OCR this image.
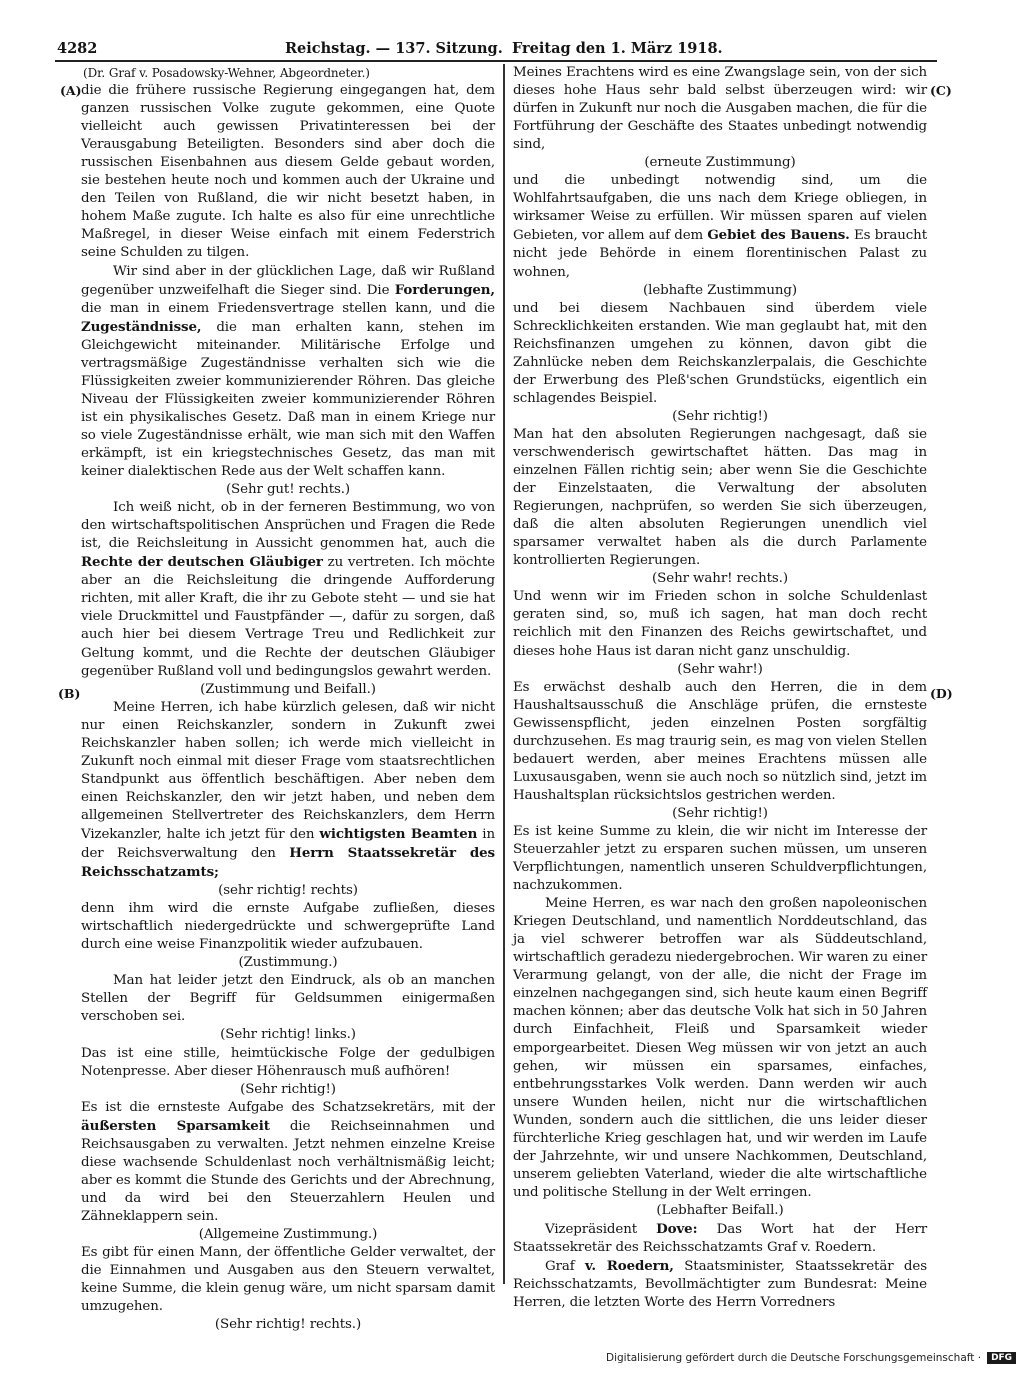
4282	Reichstag. — 137. Sitzung. Freitag den 1. März 1918.
(A)
(B)
(C)
(D)

(Dr. Graf v. Posadowsky-Wehner, Abgeordneter.)

die die frühere russische Regierung eingegangen hat, dem ganzen russischen Volke zugute gekommen, eine Quote vielleicht auch gewissen Privatinteressen bei der Verausgabung Beteiligten. Besonders sind aber doch die russischen Eisenbahnen aus diesem Gelde gebaut worden, sie bestehen heute noch und kommen auch der Ukraine und den Teilen von Rußland, die wir nicht besetzt haben, in hohem Maße zugute. Ich halte es also für eine unrechtliche Maßregel, in dieser Weise einfach mit einem Federstrich seine Schulden zu tilgen.

Wir sind aber in der glücklichen Lage, daß wir Rußland gegenüber unzweifelhaft die Sieger sind. Die Forderungen, die man in einem Friedensvertrage stellen kann, und die Zugeständnisse, die man erhalten kann, stehen im Gleichgewicht miteinander. Militärische Erfolge und vertragsmäßige Zugeständnisse verhalten sich wie die Flüssigkeiten zweier kommunizierender Röhren. Das gleiche Niveau der Flüssigkeiten zweier kommunizierender Röhren ist ein physikalisches Gesetz. Daß man in einem Kriege nur so viele Zugeständnisse erhält, wie man sich mit den Waffen erkämpft, ist ein kriegstechnisches Gesetz, das man mit keiner dialektischen Rede aus der Welt schaffen kann.

(Sehr gut! rechts.)

Ich weiß nicht, ob in der ferneren Bestimmung, wo von den wirtschaftspolitischen Ansprüchen und Fragen die Rede ist, die Reichsleitung in Aussicht genommen hat, auch die Rechte der deutschen Gläubiger zu vertreten. Ich möchte aber an die Reichsleitung die dringende Aufforderung richten, mit aller Kraft, die ihr zu Gebote steht — und sie hat viele Druckmittel und Faustpfänder —, dafür zu sorgen, daß auch hier bei diesem Vertrage Treu und Redlichkeit zur Geltung kommt, und die Rechte der deutschen Gläubiger gegenüber Rußland voll und bedingungslos gewahrt werden.

(Zustimmung und Beifall.)

Meine Herren, ich habe kürzlich gelesen, daß wir nicht nur einen Reichskanzler, sondern in Zukunft zwei Reichskanzler haben sollen; ich werde mich vielleicht in Zukunft noch einmal mit dieser Frage vom staatsrechtlichen Standpunkt aus öffentlich beschäftigen. Aber neben dem einen Reichskanzler, den wir jetzt haben, und neben dem allgemeinen Stellvertreter des Reichskanzlers, dem Herrn Vizekanzler, halte ich jetzt für den wichtigsten Beamten in der Reichsverwaltung den Herrn Staatssekretär des Reichsschatzamts;

(sehr richtig! rechts)

denn ihm wird die ernste Aufgabe zufließen, dieses wirtschaftlich niedergedrückte und schwergeprüfte Land durch eine weise Finanzpolitik wieder aufzubauen.

(Zustimmung.)

Man hat leider jetzt den Eindruck, als ob an manchen Stellen der Begriff für Geldsummen einigermaßen verschoben sei.

(Sehr richtig! links.)

Das ist eine stille, heimtückische Folge der gedulbigen Notenpresse. Aber dieser Höhenrausch muß aufhören!

(Sehr richtig!)

Es ist die ernsteste Aufgabe des Schatzsekretärs, mit der äußersten Sparsamkeit die Reichseinnahmen und Reichsausgaben zu verwalten. Jetzt nehmen einzelne Kreise diese wachsende Schuldenlast noch verhältnismäßig leicht; aber es kommt die Stunde des Gerichts und der Abrechnung, und da wird bei den Steuerzahlern Heulen und Zähneklappern sein.

(Allgemeine Zustimmung.)

Es gibt für einen Mann, der öffentliche Gelder verwaltet, der die Einnahmen und Ausgaben aus den Steuern verwaltet, keine Summe, die klein genug wäre, um nicht sparsam damit umzugehen.

(Sehr richtig! rechts.)

Meines Erachtens wird es eine Zwangslage sein, von der sich dieses hohe Haus sehr bald selbst überzeugen wird: wir dürfen in Zukunft nur noch die Ausgaben machen, die für die Fortführung der Geschäfte des Staates unbedingt notwendig sind,

(erneute Zustimmung)

und die unbedingt notwendig sind, um die Wohlfahrtsaufgaben, die uns nach dem Kriege obliegen, in wirksamer Weise zu erfüllen. Wir müssen sparen auf vielen Gebieten, vor allem auf dem Gebiet des Bauens. Es braucht nicht jede Behörde in einem florentinischen Palast zu wohnen,

(lebhafte Zustimmung)

und bei diesem Nachbauen sind überdem viele Schrecklichkeiten erstanden. Wie man geglaubt hat, mit den Reichsfinanzen umgehen zu können, davon gibt die Zahnlücke neben dem Reichskanzlerpalais, die Geschichte der Erwerbung des Pleß'schen Grundstücks, eigentlich ein schlagendes Beispiel.

(Sehr richtig!)

Man hat den absoluten Regierungen nachgesagt, daß sie verschwenderisch gewirtschaftet hätten. Das mag in einzelnen Fällen richtig sein; aber wenn Sie die Geschichte der Einzelstaaten, die Verwaltung der absoluten Regierungen, nachprüfen, so werden Sie sich überzeugen, daß die alten absoluten Regierungen unendlich viel sparsamer verwaltet haben als die durch Parlamente kontrollierten Regierungen.

(Sehr wahr! rechts.)

Und wenn wir im Frieden schon in solche Schuldenlast geraten sind, so, muß ich sagen, hat man doch recht reichlich mit den Finanzen des Reichs gewirtschaftet, und dieses hohe Haus ist daran nicht ganz unschuldig.

(Sehr wahr!)

Es erwächst deshalb auch den Herren, die in dem Haushaltsausschuß die Anschläge prüfen, die ernsteste Gewissenspflicht, jeden einzelnen Posten sorgfältig durchzusehen. Es mag traurig sein, es mag von vielen Stellen bedauert werden, aber meines Erachtens müssen alle Luxusausgaben, wenn sie auch noch so nützlich sind, jetzt im Haushaltsplan rücksichtslos gestrichen werden.

(Sehr richtig!)

Es ist keine Summe zu klein, die wir nicht im Interesse der Steuerzahler jetzt zu ersparen suchen müssen, um unseren Verpflichtungen, namentlich unseren Schuldverpflichtungen, nachzukommen.

Meine Herren, es war nach den großen napoleonischen Kriegen Deutschland, und namentlich Norddeutschland, das ja viel schwerer betroffen war als Süddeutschland, wirtschaftlich geradezu niedergebrochen. Wir waren zu einer Verarmung gelangt, von der alle, die nicht der Frage im einzelnen nachgegangen sind, sich heute kaum einen Begriff machen können; aber das deutsche Volk hat sich in 50 Jahren durch Einfachheit, Fleiß und Sparsamkeit wieder emporgearbeitet. Diesen Weg müssen wir von jetzt an auch gehen, wir müssen ein sparsames, einfaches, entbehrungsstarkes Volk werden. Dann werden wir auch unsere Wunden heilen, nicht nur die wirtschaftlichen Wunden, sondern auch die sittlichen, die uns leider dieser fürchterliche Krieg geschlagen hat, und wir werden im Laufe der Jahrzehnte, wir und unsere Nachkommen, Deutschland, unserem geliebten Vaterland, wieder die alte wirtschaftliche und politische Stellung in der Welt erringen.

(Lebhafter Beifall.)

Vizepräsident Dove: Das Wort hat der Herr Staatssekretär des Reichsschatzamts Graf v. Roedern.

Graf v. Roedern, Staatsminister, Staatssekretär des Reichsschatzamts, Bevollmächtigter zum Bundesrat: Meine Herren, die letzten Worte des Herrn Vorredners

Digitalisierung gefördert durch die Deutsche Forschungsgemeinschaft · DFG
